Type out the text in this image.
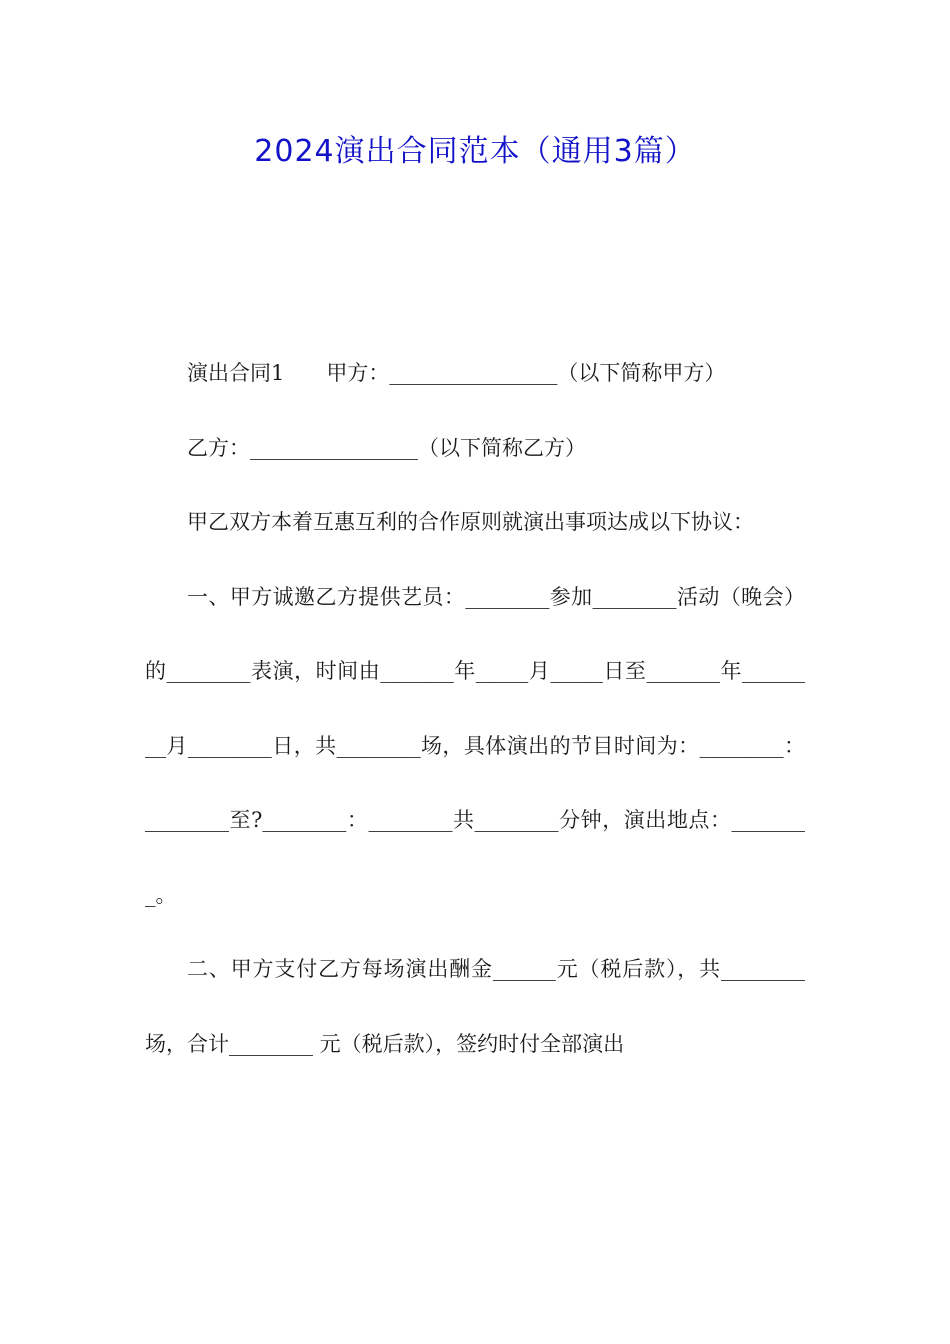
2024演出合同范本（通用3篇）

演出合同1　　甲方：________________（以下简称甲方）

乙方：________________（以下简称乙方）

甲乙双方本着互惠互利的合作原则就演出事项达成以下协议：

一、甲方诚邀乙方提供艺员：________参加________活动（晚会）的________表演，时间由_______年_____月_____日至_______年________月________日，共________场，具体演出的节目时间为：________：________至?________：________共________分钟，演出地点：________。

二、甲方支付乙方每场演出酬金______元（税后款），共________场，合计________ 元（税后款），签约时付全部演出
